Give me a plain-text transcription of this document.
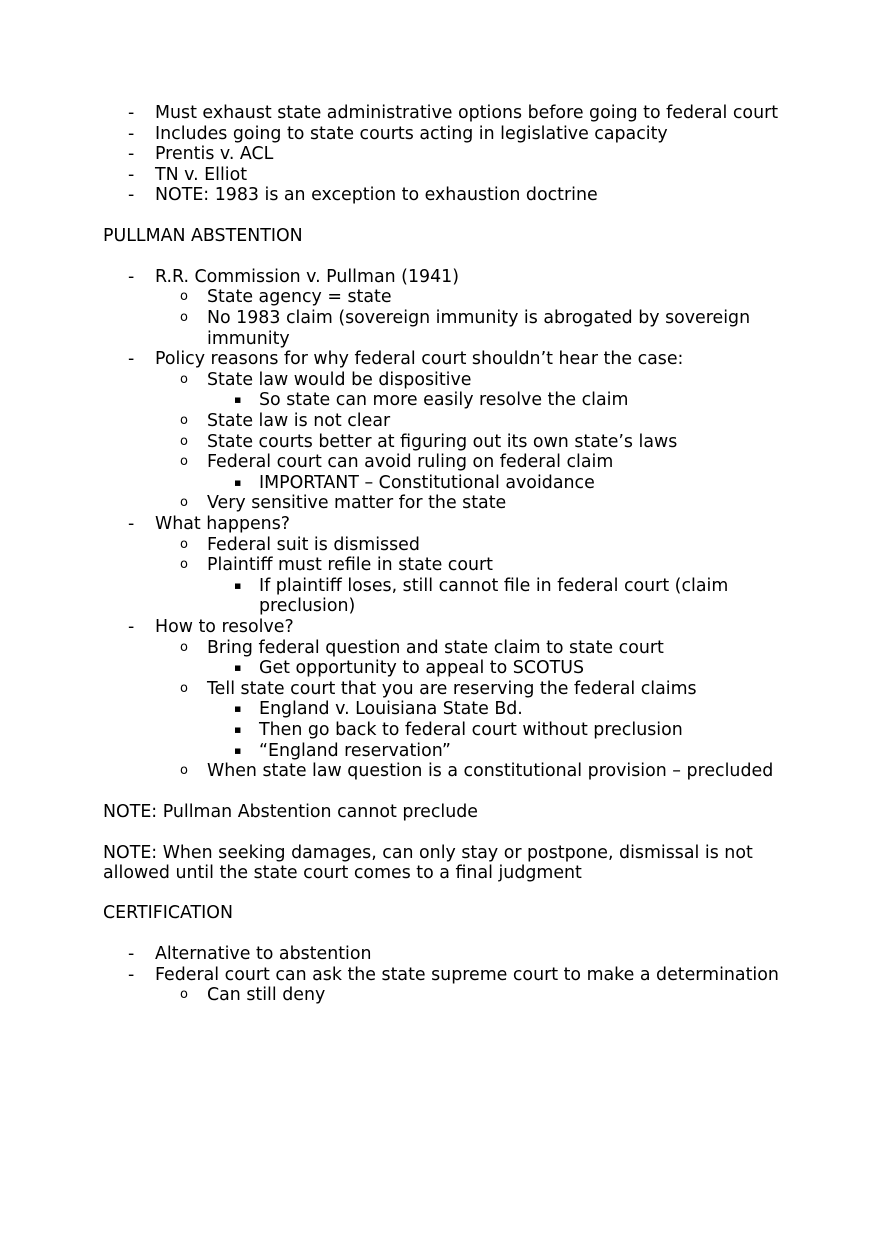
- Must exhaust state administrative options before going to federal court
- Includes going to state courts acting in legislative capacity
- Prentis v. ACL
- TN v. Elliot
- NOTE: 1983 is an exception to exhaustion doctrine

PULLMAN ABSTENTION

- R.R. Commission v. Pullman (1941)
o State agency = state
o No 1983 claim (sovereign immunity is abrogated by sovereign immunity
- Policy reasons for why federal court shouldn’t hear the case:
o State law would be dispositive
▪ So state can more easily resolve the claim
o State law is not clear
o State courts better at figuring out its own state’s laws
o Federal court can avoid ruling on federal claim
▪ IMPORTANT – Constitutional avoidance
o Very sensitive matter for the state
- What happens?
o Federal suit is dismissed
o Plaintiff must refile in state court
▪ If plaintiff loses, still cannot file in federal court (claim preclusion)
- How to resolve?
o Bring federal question and state claim to state court
▪ Get opportunity to appeal to SCOTUS
o Tell state court that you are reserving the federal claims
▪ England v. Louisiana State Bd.
▪ Then go back to federal court without preclusion
▪ “England reservation”
o When state law question is a constitutional provision – precluded

NOTE: Pullman Abstention cannot preclude

NOTE: When seeking damages, can only stay or postpone, dismissal is not allowed until the state court comes to a final judgment

CERTIFICATION

- Alternative to abstention
- Federal court can ask the state supreme court to make a determination
o Can still deny
